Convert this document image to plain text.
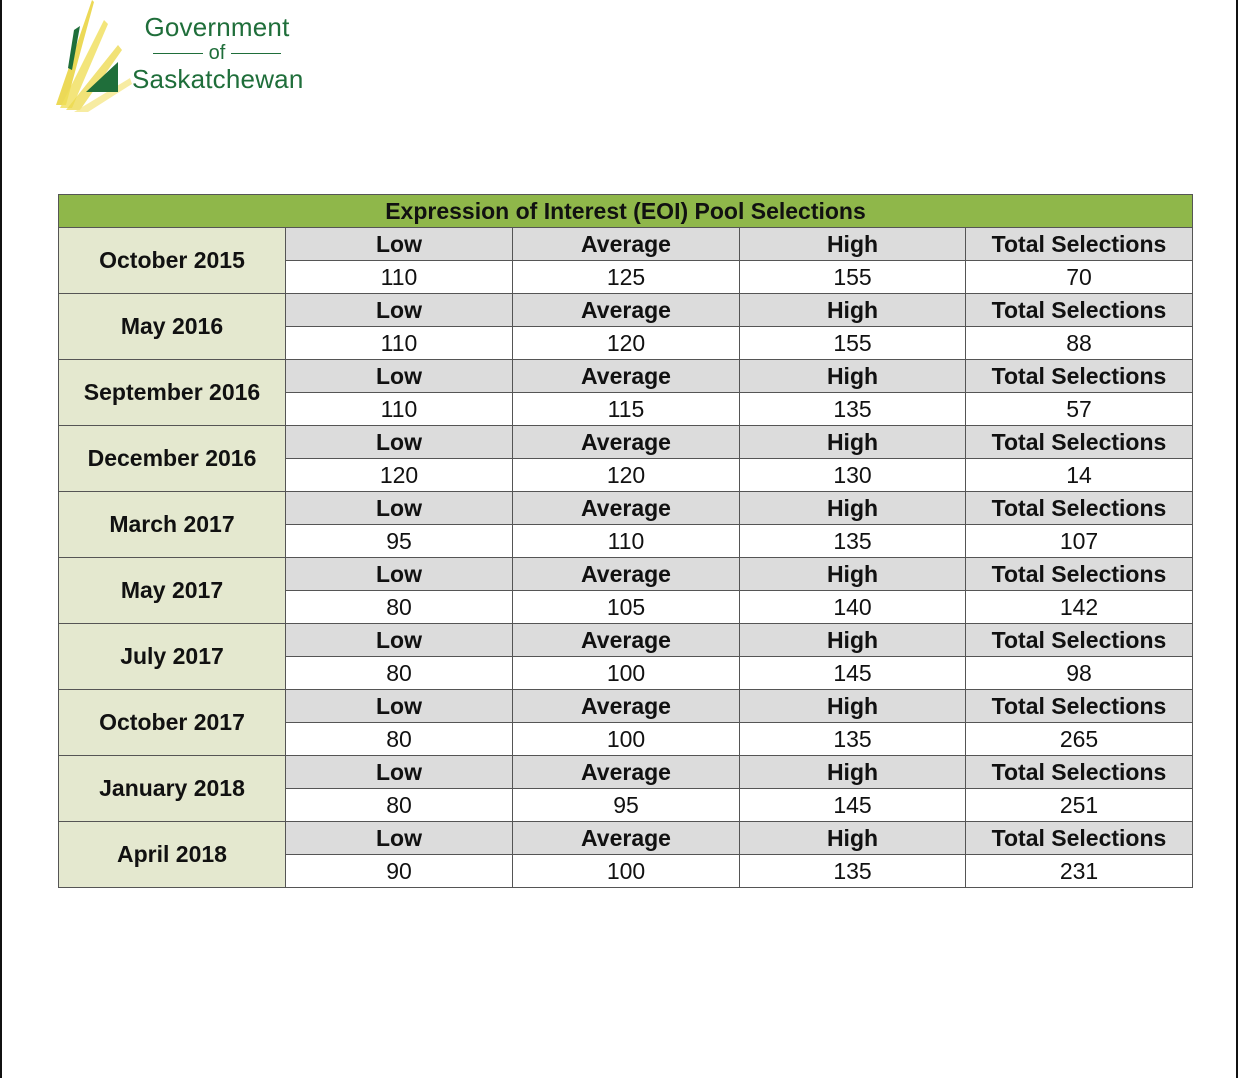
Government
of
Saskatchewan
Expression of Interest (EOI) Pool Selections				
October 2015	Low	Average	High	Total Selections
	110	125	155	70
May 2016	Low	Average	High	Total Selections
	110	120	155	88
September 2016	Low	Average	High	Total Selections
	110	115	135	57
December 2016	Low	Average	High	Total Selections
	120	120	130	14
March 2017	Low	Average	High	Total Selections
	95	110	135	107
May 2017	Low	Average	High	Total Selections
	80	105	140	142
July 2017	Low	Average	High	Total Selections
	80	100	145	98
October 2017	Low	Average	High	Total Selections
	80	100	135	265
January 2018	Low	Average	High	Total Selections
	80	95	145	251
April 2018	Low	Average	High	Total Selections
	90	100	135	231
